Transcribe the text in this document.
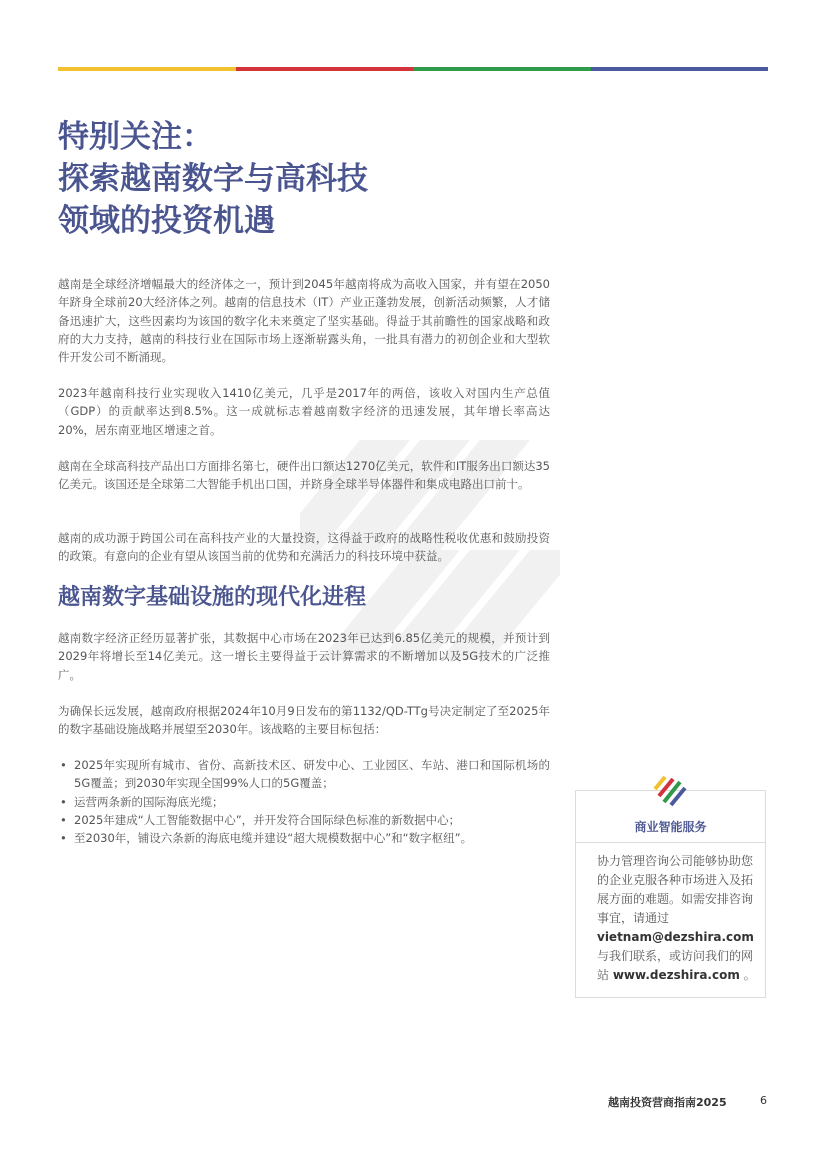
特别关注：
探索越南数字与高科技
领域的投资机遇

越南是全球经济增幅最大的经济体之一，预计到2045年越南将成为高收入国家，并有望在2050年跻身全球前20大经济体之列。越南的信息技术（IT）产业正蓬勃发展，创新活动频繁，人才储备迅速扩大，这些因素均为该国的数字化未来奠定了坚实基础。得益于其前瞻性的国家战略和政府的大力支持，越南的科技行业在国际市场上逐渐崭露头角，一批具有潜力的初创企业和大型软件开发公司不断涌现。

2023年越南科技行业实现收入1410亿美元，几乎是2017年的两倍，该收入对国内生产总值（GDP）的贡献率达到8.5%。这一成就标志着越南数字经济的迅速发展，其年增长率高达20%，居东南亚地区增速之首。

越南在全球高科技产品出口方面排名第七，硬件出口额达1270亿美元，软件和IT服务出口额达35亿美元。该国还是全球第二大智能手机出口国，并跻身全球半导体器件和集成电路出口前十。

越南的成功源于跨国公司在高科技产业的大量投资，这得益于政府的战略性税收优惠和鼓励投资的政策。有意向的企业有望从该国当前的优势和充满活力的科技环境中获益。

越南数字基础设施的现代化进程

越南数字经济正经历显著扩张，其数据中心市场在2023年已达到6.85亿美元的规模，并预计到2029年将增长至14亿美元。这一增长主要得益于云计算需求的不断增加以及5G技术的广泛推广。

为确保长远发展，越南政府根据2024年10月9日发布的第1132/QD-TTg号决定制定了至2025年的数字基础设施战略并展望至2030年。该战略的主要目标包括：

• 2025年实现所有城市、省份、高新技术区、研发中心、工业园区、车站、港口和国际机场的5G覆盖；到2030年实现全国99%人口的5G覆盖；
• 运营两条新的国际海底光缆；
• 2025年建成“人工智能数据中心”，并开发符合国际绿色标准的新数据中心；
• 至2030年，铺设六条新的海底电缆并建设“超大规模数据中心”和“数字枢纽”。
商业智能服务
协力管理咨询公司能够协助您的企业克服各种市场进入及拓展方面的难题。如需安排咨询事宜，请通过 vietnam@dezshira.com 与我们联系，或访问我们的网站 www.dezshira.com 。
越南投资营商指南2025	6
